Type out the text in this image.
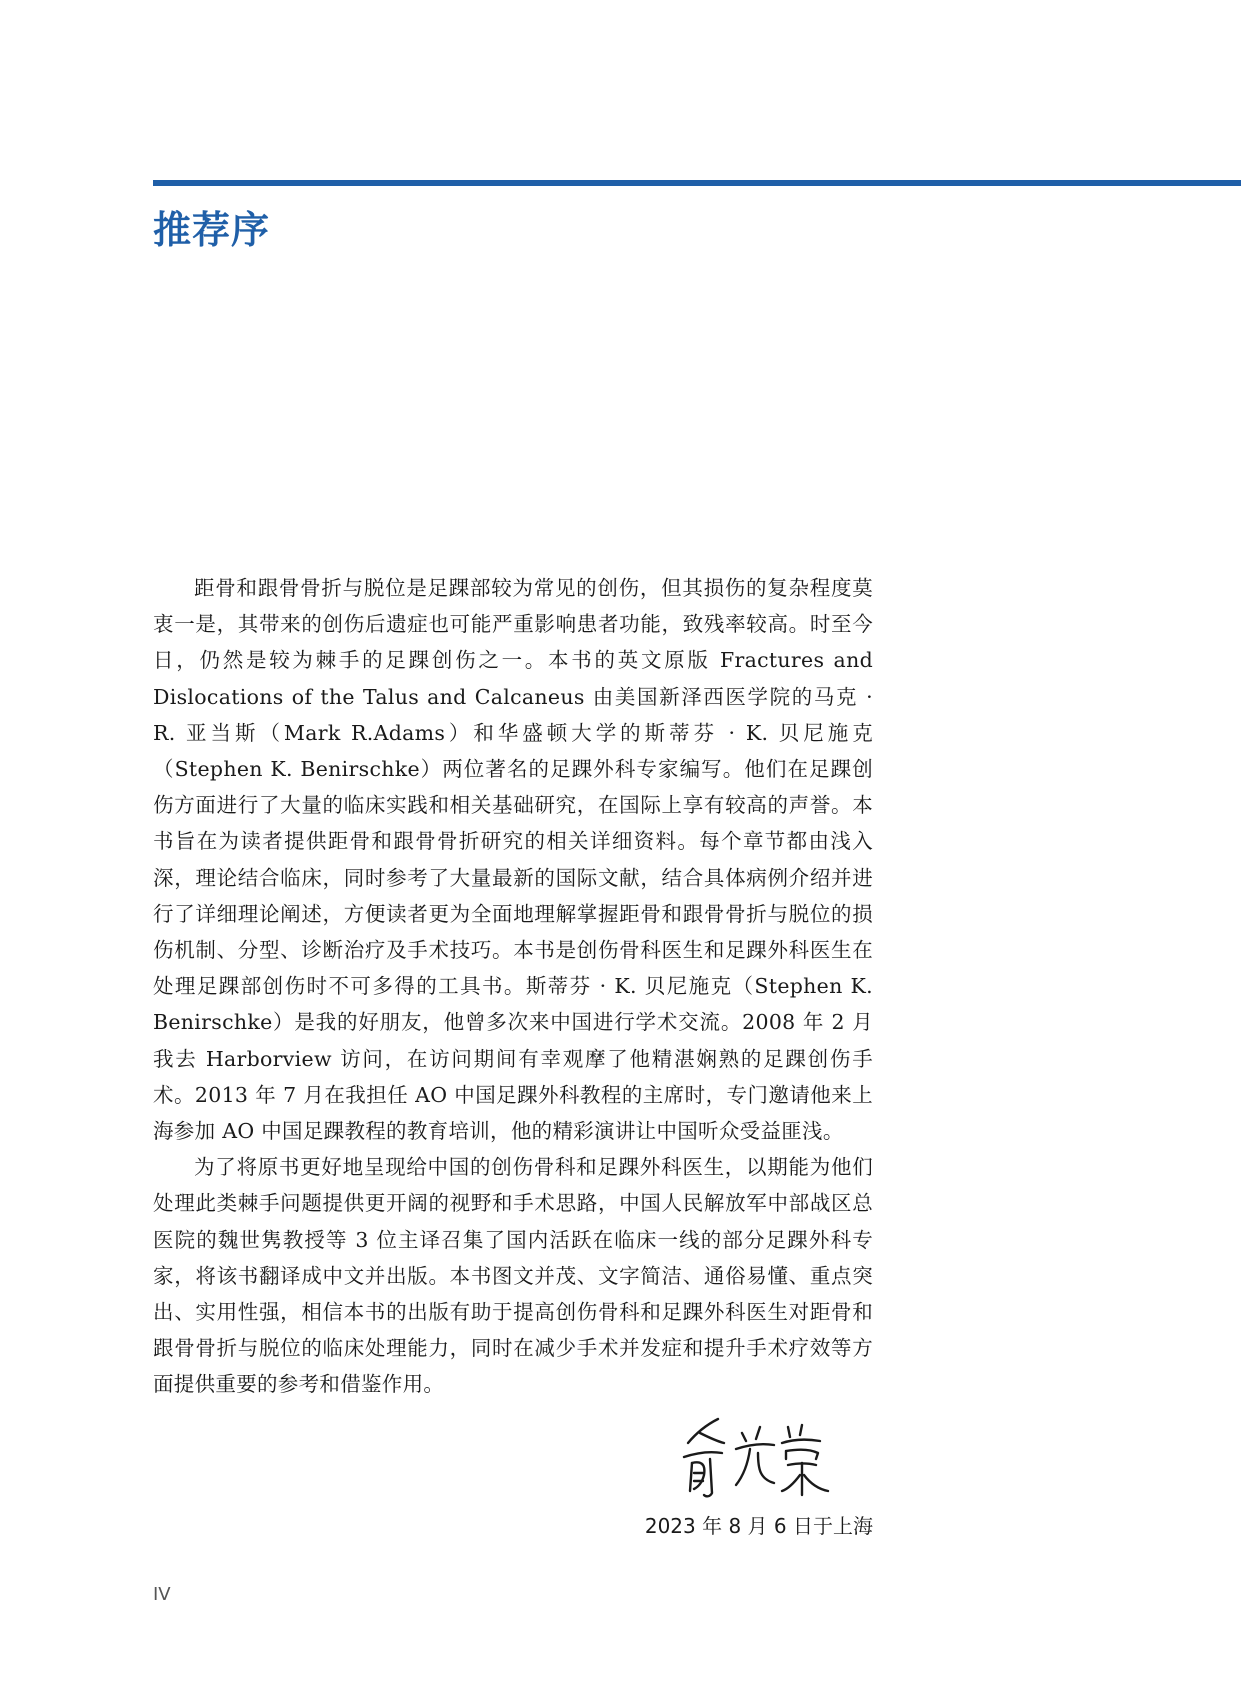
推荐序

距骨和跟骨骨折与脱位是足踝部较为常见的创伤，但其损伤的复杂程度莫衷一是，其带来的创伤后遗症也可能严重影响患者功能，致残率较高。时至今日，仍然是较为棘手的足踝创伤之一。本书的英文原版 Fractures and Dislocations of the Talus and Calcaneus 由美国新泽西医学院的马克 · R. 亚当斯（Mark R.Adams）和华盛顿大学的斯蒂芬 · K. 贝尼施克（Stephen K. Benirschke）两位著名的足踝外科专家编写。他们在足踝创伤方面进行了大量的临床实践和相关基础研究，在国际上享有较高的声誉。本书旨在为读者提供距骨和跟骨骨折研究的相关详细资料。每个章节都由浅入深，理论结合临床，同时参考了大量最新的国际文献，结合具体病例介绍并进行了详细理论阐述，方便读者更为全面地理解掌握距骨和跟骨骨折与脱位的损伤机制、分型、诊断治疗及手术技巧。本书是创伤骨科医生和足踝外科医生在处理足踝部创伤时不可多得的工具书。斯蒂芬 · K. 贝尼施克（Stephen K. Benirschke）是我的好朋友，他曾多次来中国进行学术交流。2008 年 2 月我去 Harborview 访问，在访问期间有幸观摩了他精湛娴熟的足踝创伤手术。2013 年 7 月在我担任 AO 中国足踝外科教程的主席时，专门邀请他来上海参加 AO 中国足踝教程的教育培训，他的精彩演讲让中国听众受益匪浅。

为了将原书更好地呈现给中国的创伤骨科和足踝外科医生，以期能为他们处理此类棘手问题提供更开阔的视野和手术思路，中国人民解放军中部战区总医院的魏世隽教授等 3 位主译召集了国内活跃在临床一线的部分足踝外科专家，将该书翻译成中文并出版。本书图文并茂、文字简洁、通俗易懂、重点突出、实用性强，相信本书的出版有助于提高创伤骨科和足踝外科医生对距骨和跟骨骨折与脱位的临床处理能力，同时在减少手术并发症和提升手术疗效等方面提供重要的参考和借鉴作用。

2023 年 8 月 6 日于上海

IV
